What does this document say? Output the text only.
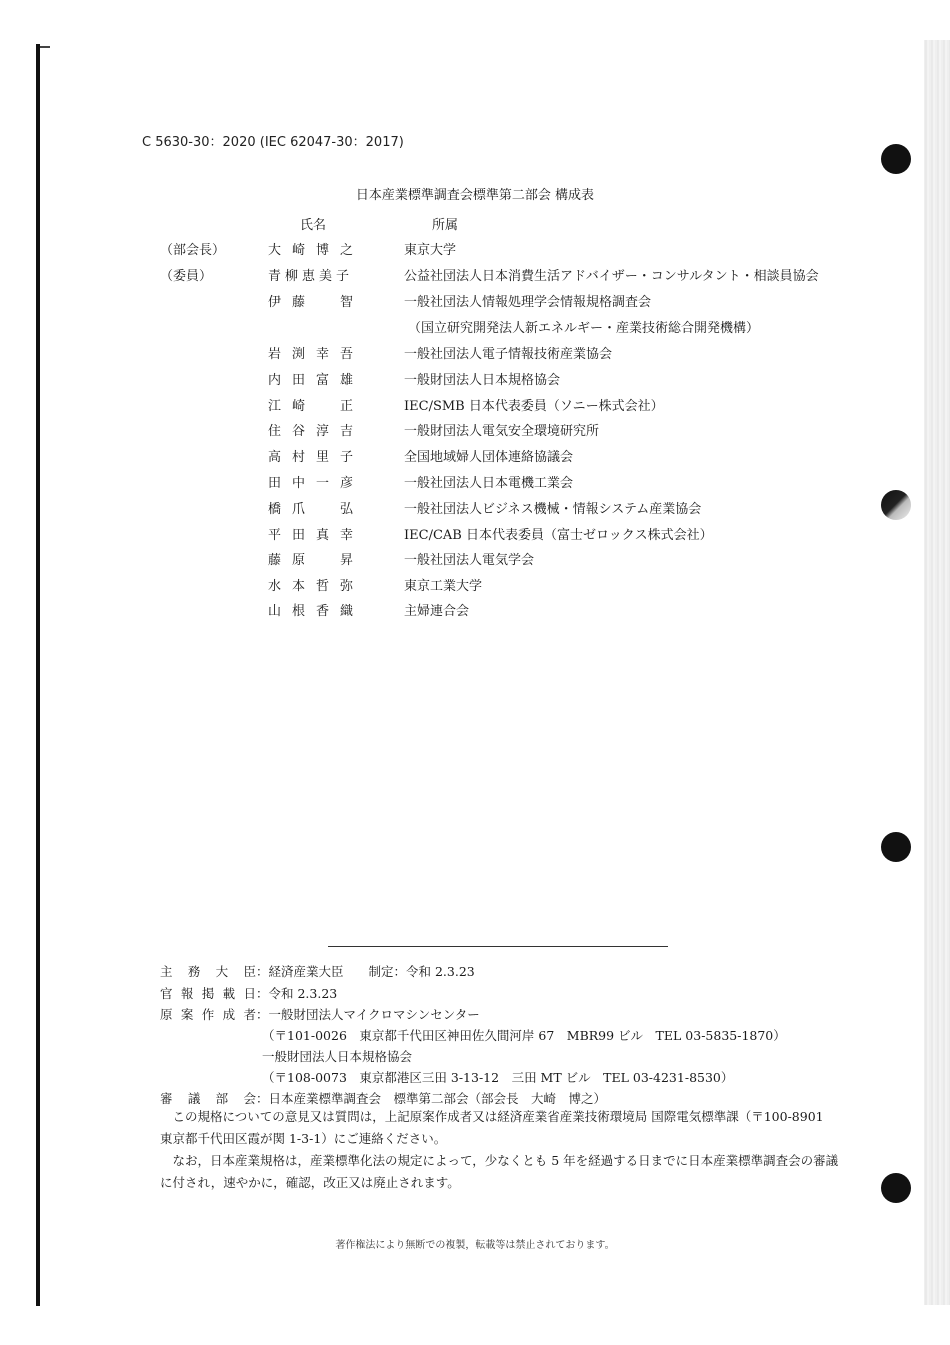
C 5630-30：2020 (IEC 62047-30：2017)
日本産業標準調査会標準第二部会 構成表
氏名	所属
（部会長）	大崎博之	東京大学
（委員）	青柳恵美子	公益社団法人日本消費生活アドバイザー・コンサルタント・相談員協会
伊藤　智	一般社団法人情報処理学会情報規格調査会
（国立研究開発法人新エネルギー・産業技術総合開発機構）
岩渕幸吾	一般社団法人電子情報技術産業協会
内田富雄	一般財団法人日本規格協会
江崎　正	IEC/SMB 日本代表委員（ソニー株式会社）
住谷淳吉	一般財団法人電気安全環境研究所
高村里子	全国地域婦人団体連絡協議会
田中一彦	一般社団法人日本電機工業会
橋爪　弘	一般社団法人ビジネス機械・情報システム産業協会
平田真幸	IEC/CAB 日本代表委員（富士ゼロックス株式会社）
藤原　昇	一般社団法人電気学会
水本哲弥	東京工業大学
山根香織	主婦連合会
主務大臣：経済産業大臣　　制定：令和 2.3.23
官報掲載日：令和 2.3.23
原案作成者：一般財団法人マイクロマシンセンター
（〒101-0026　東京都千代田区神田佐久間河岸 67　MBR99 ビル　TEL 03-5835-1870）
一般財団法人日本規格協会
（〒108-0073　東京都港区三田 3-13-12　三田 MT ビル　TEL 03-4231-8530）
審議部会：日本産業標準調査会　標準第二部会（部会長　大崎　博之）
　この規格についての意見又は質問は，上記原案作成者又は経済産業省産業技術環境局 国際電気標準課（〒100-8901 東京都千代田区霞が関 1-3-1）にご連絡ください。
　なお，日本産業規格は，産業標準化法の規定によって，少なくとも 5 年を経過する日までに日本産業標準調査会の審議に付され，速やかに，確認，改正又は廃止されます。
著作権法により無断での複製，転載等は禁止されております。
